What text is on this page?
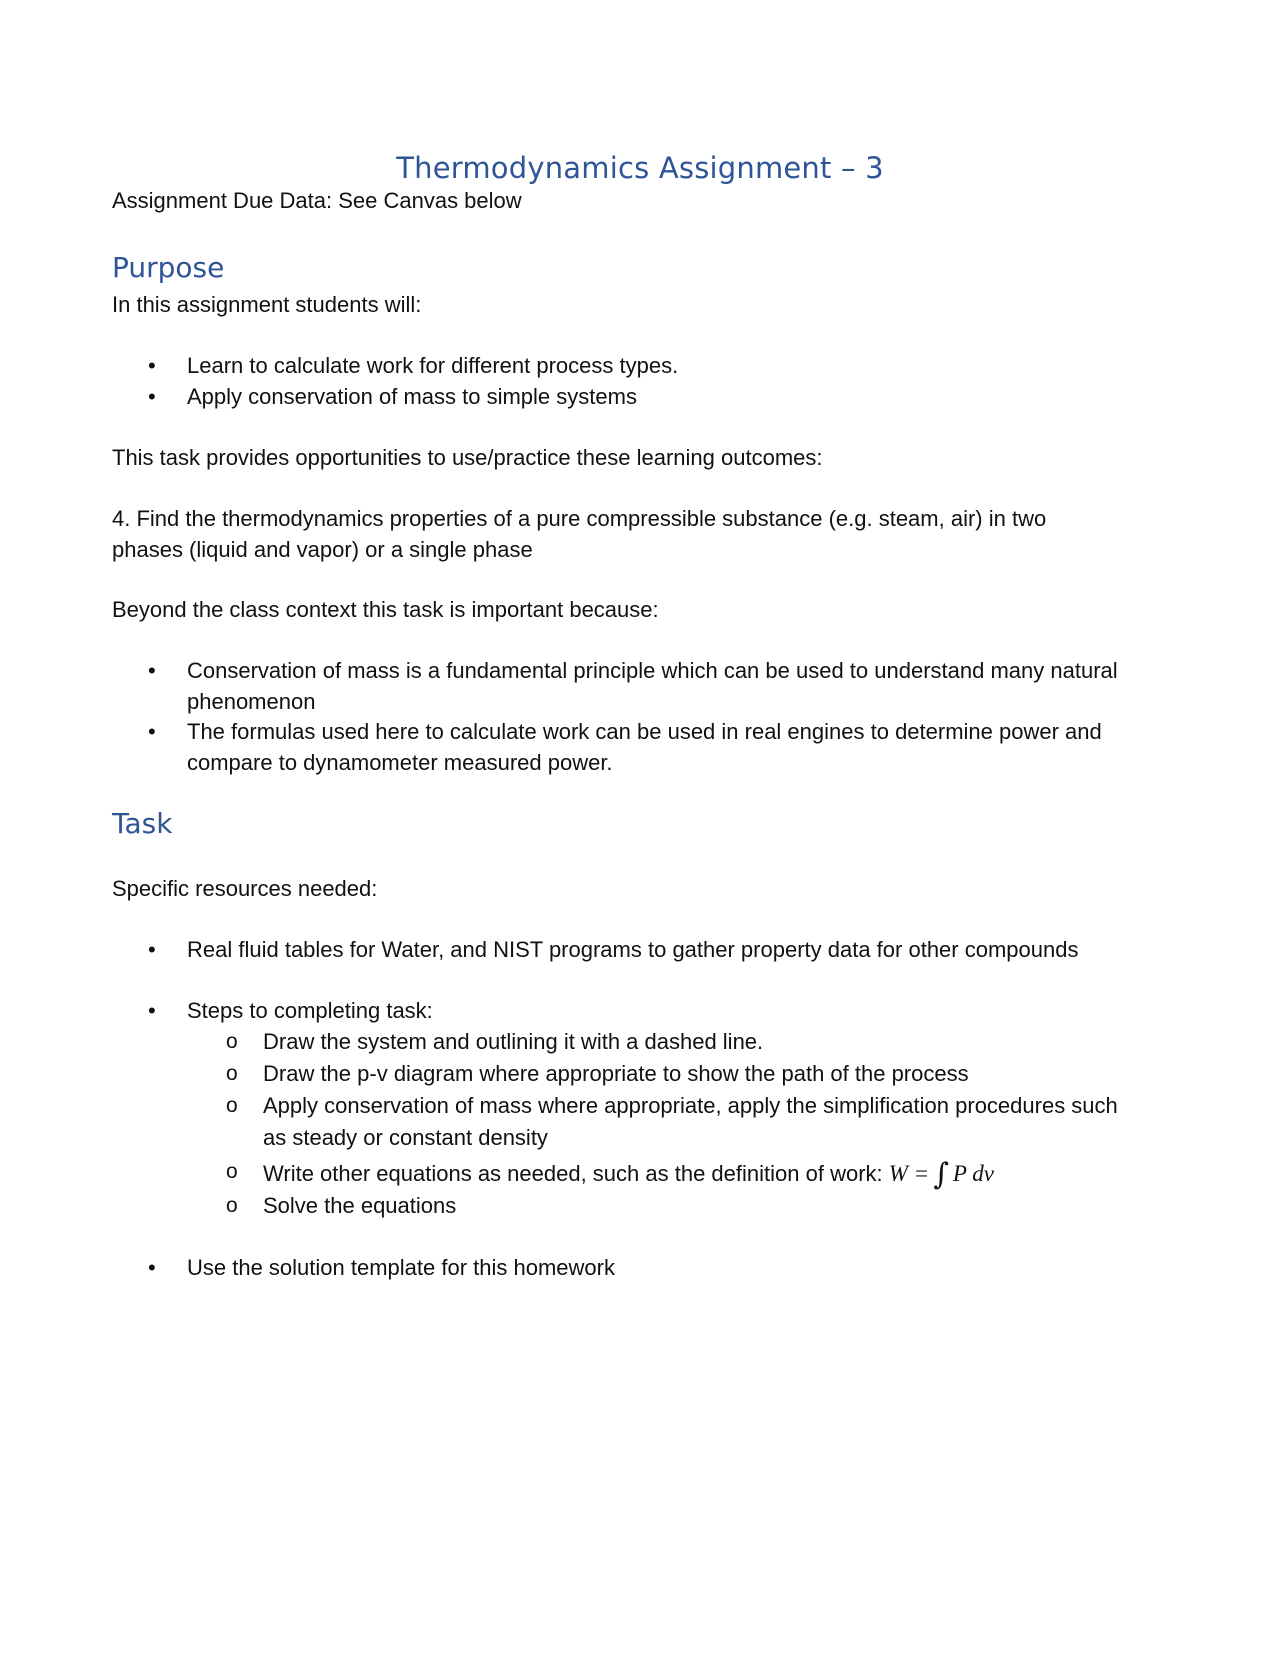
Thermodynamics Assignment – 3
Assignment Due Data: See Canvas below
Purpose
In this assignment students will:
• Learn to calculate work for different process types.
• Apply conservation of mass to simple systems
This task provides opportunities to use/practice these learning outcomes:
4. Find the thermodynamics properties of a pure compressible substance (e.g. steam, air) in two
phases (liquid and vapor) or a single phase
Beyond the class context this task is important because:
• Conservation of mass is a fundamental principle which can be used to understand many natural
phenomenon
• The formulas used here to calculate work can be used in real engines to determine power and
compare to dynamometer measured power.
Task
Specific resources needed:
• Real fluid tables for Water, and NIST programs to gather property data for other compounds
• Steps to completing task:
o Draw the system and outlining it with a dashed line.
o Draw the p-v diagram where appropriate to show the path of the process
o Apply conservation of mass where appropriate, apply the simplification procedures such
as steady or constant density
o Write other equations as needed, such as the definition of work: W = ∫ P dv
o Solve the equations
• Use the solution template for this homework
